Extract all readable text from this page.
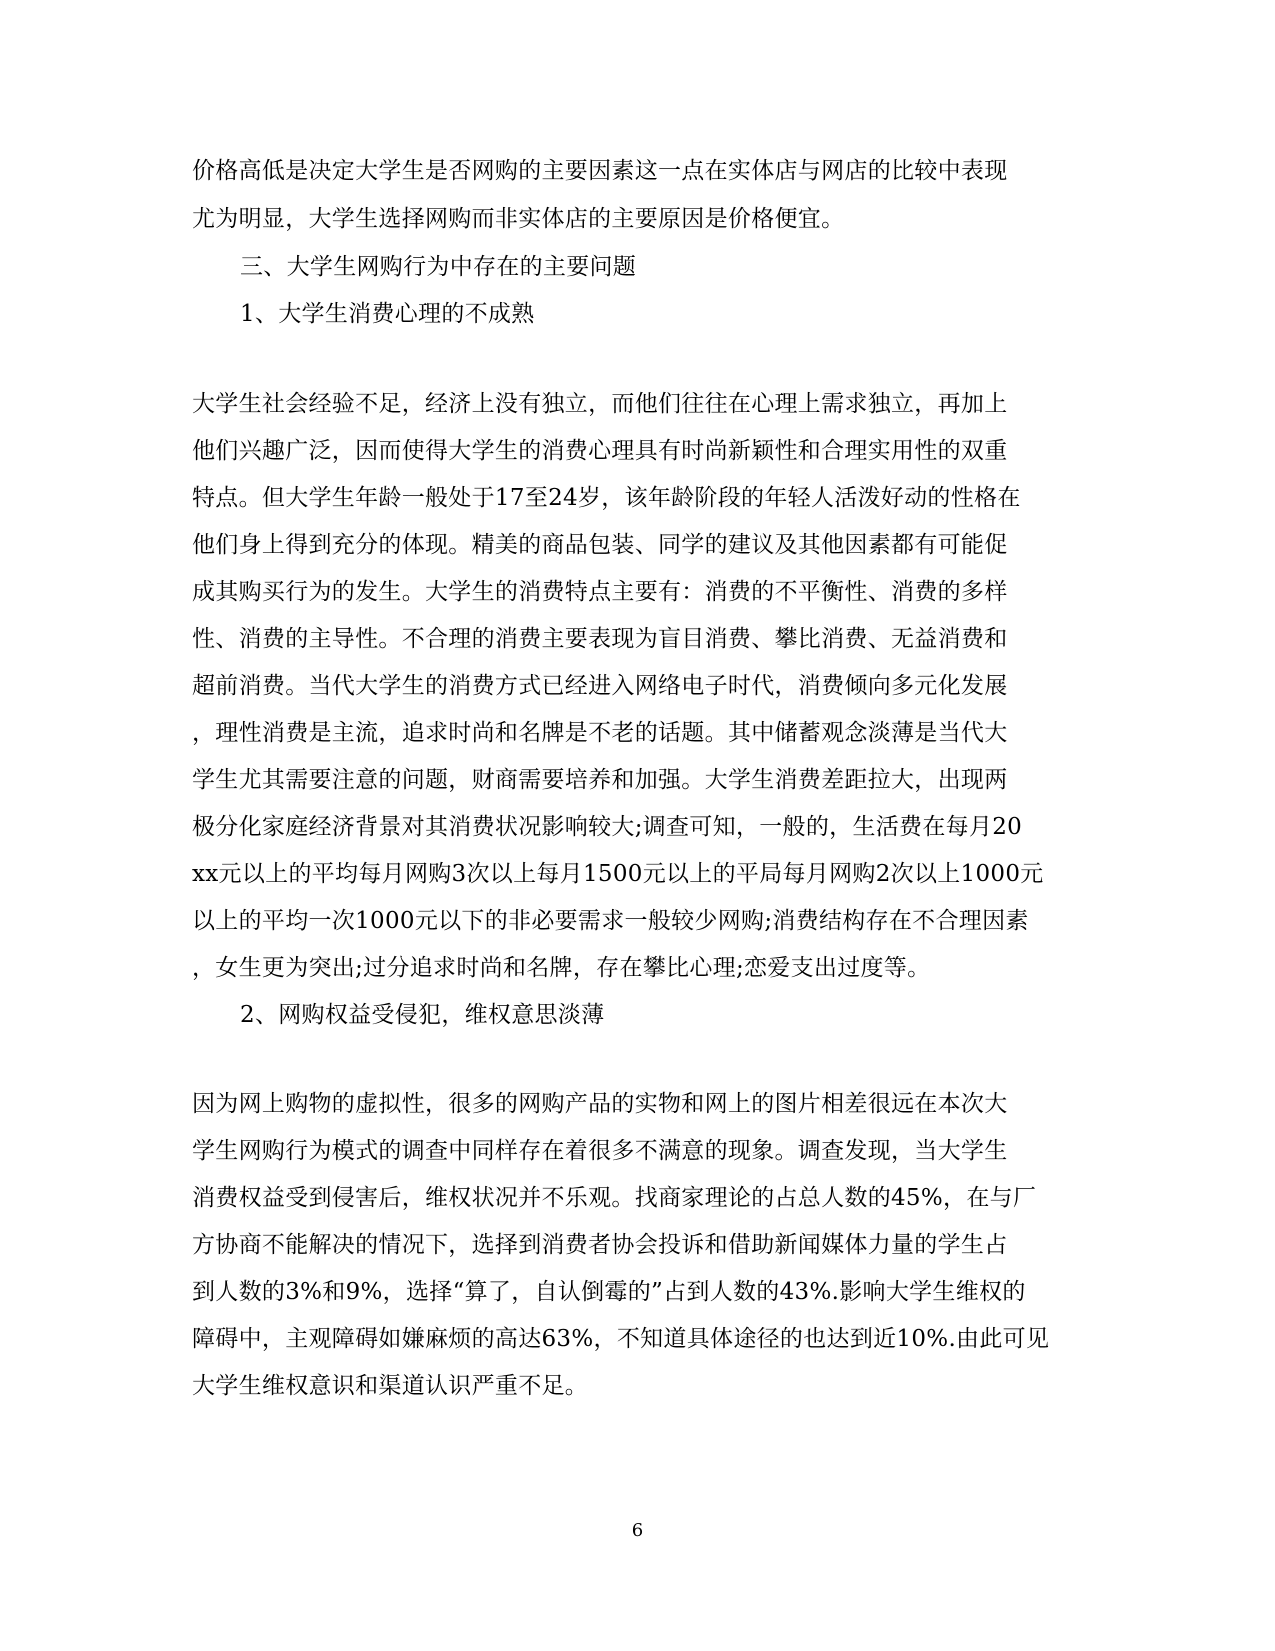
价格高低是决定大学生是否网购的主要因素这一点在实体店与网店的比较中表现
尤为明显，大学生选择网购而非实体店的主要原因是价格便宜。
三、大学生网购行为中存在的主要问题
1、大学生消费心理的不成熟
大学生社会经验不足，经济上没有独立，而他们往往在心理上需求独立，再加上
他们兴趣广泛，因而使得大学生的消费心理具有时尚新颖性和合理实用性的双重
特点。但大学生年龄一般处于17至24岁，该年龄阶段的年轻人活泼好动的性格在
他们身上得到充分的体现。精美的商品包装、同学的建议及其他因素都有可能促
成其购买行为的发生。大学生的消费特点主要有：消费的不平衡性、消费的多样
性、消费的主导性。不合理的消费主要表现为盲目消费、攀比消费、无益消费和
超前消费。当代大学生的消费方式已经进入网络电子时代，消费倾向多元化发展
，理性消费是主流，追求时尚和名牌是不老的话题。其中储蓄观念淡薄是当代大
学生尤其需要注意的问题，财商需要培养和加强。大学生消费差距拉大，出现两
极分化家庭经济背景对其消费状况影响较大;调查可知，一般的，生活费在每月20
xx元以上的平均每月网购3次以上每月1500元以上的平局每月网购2次以上1000元
以上的平均一次1000元以下的非必要需求一般较少网购;消费结构存在不合理因素
，女生更为突出;过分追求时尚和名牌，存在攀比心理;恋爱支出过度等。
2、网购权益受侵犯，维权意思淡薄
因为网上购物的虚拟性，很多的网购产品的实物和网上的图片相差很远在本次大
学生网购行为模式的调查中同样存在着很多不满意的现象。调查发现，当大学生
消费权益受到侵害后，维权状况并不乐观。找商家理论的占总人数的45%，在与厂
方协商不能解决的情况下，选择到消费者协会投诉和借助新闻媒体力量的学生占
到人数的3%和9%，选择“算了，自认倒霉的”占到人数的43%.影响大学生维权的
障碍中，主观障碍如嫌麻烦的高达63%，不知道具体途径的也达到近10%.由此可见
大学生维权意识和渠道认识严重不足。
6
